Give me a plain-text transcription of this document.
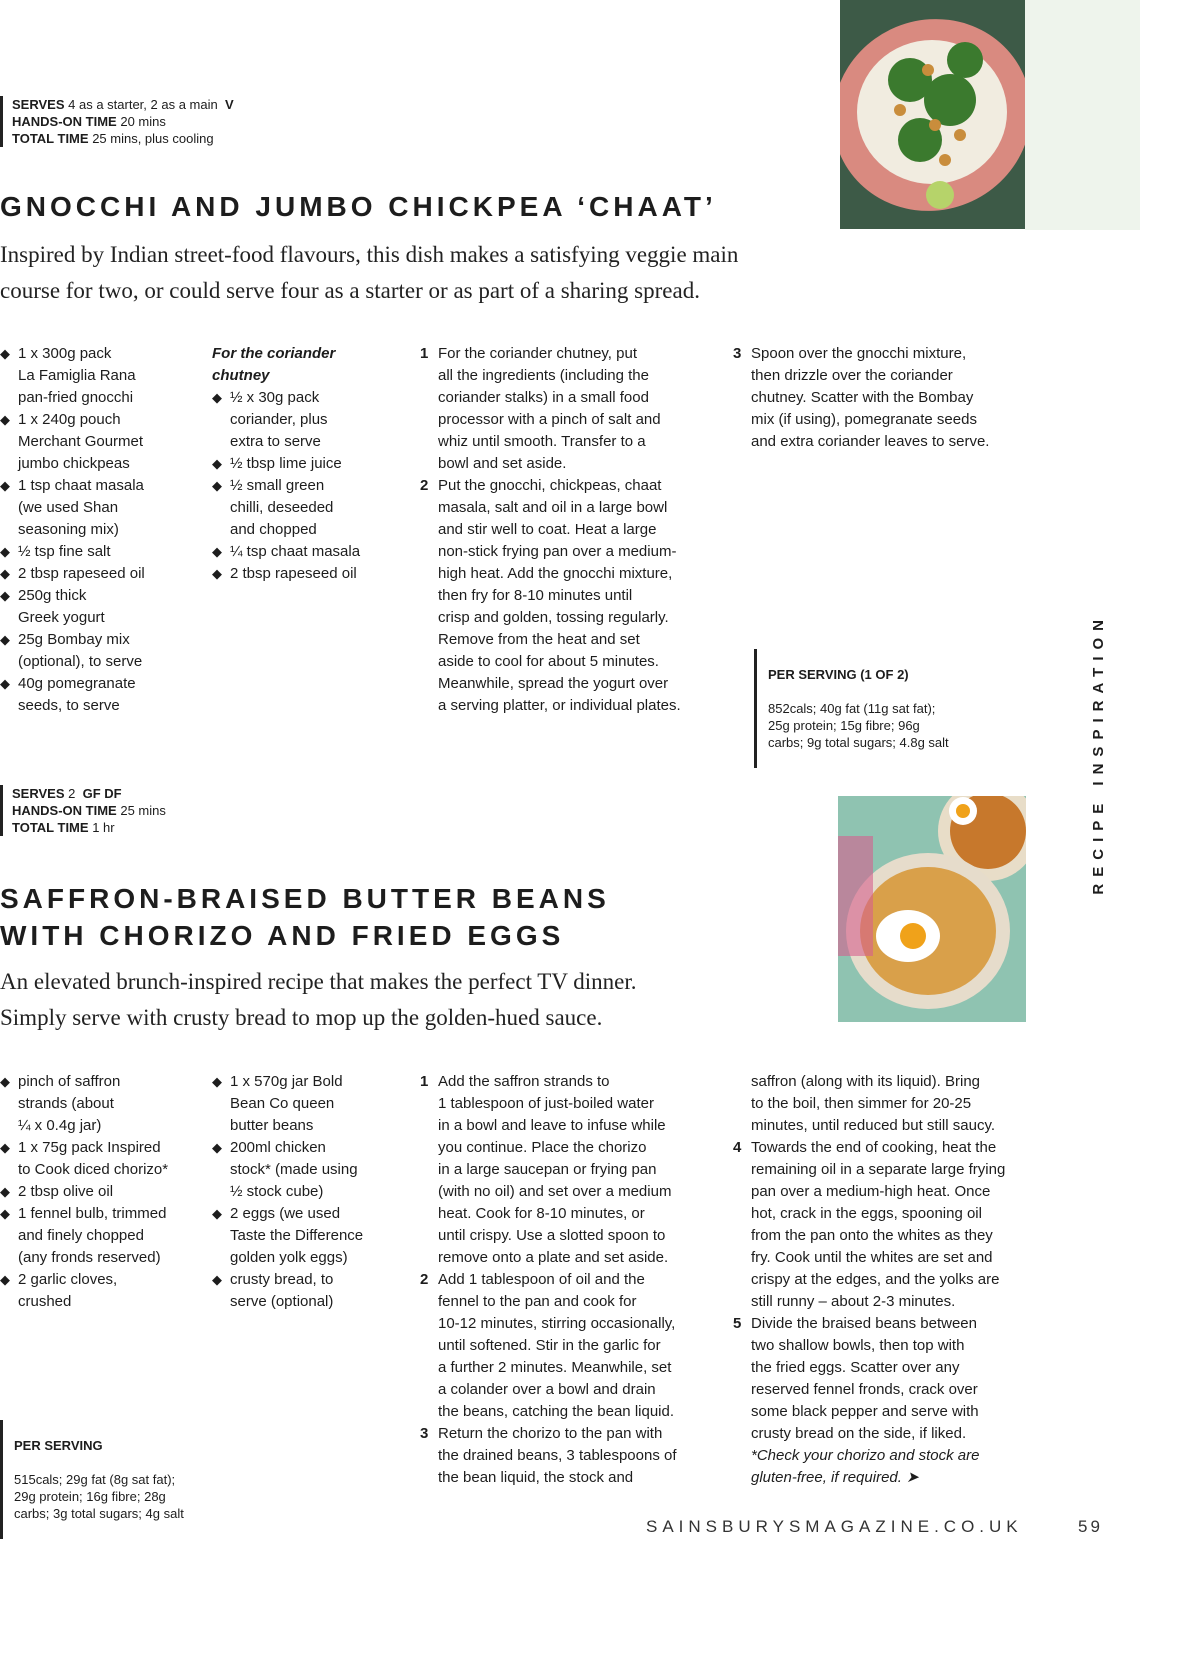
SERVES 4 as a starter, 2 as a main V
HANDS-ON TIME 20 mins
TOTAL TIME 25 mins, plus cooling
GNOCCHI AND JUMBO CHICKPEA ‘CHAAT’
Inspired by Indian street-food flavours, this dish makes a satisfying veggie main
course for two, or could serve four as a starter or as part of a sharing spread.
◆ 1 x 300g pack
La Famiglia Rana
pan-fried gnocchi
◆ 1 x 240g pouch
Merchant Gourmet
jumbo chickpeas
◆ 1 tsp chaat masala
(we used Shan
seasoning mix)
◆ ½ tsp fine salt
◆ 2 tbsp rapeseed oil
◆ 250g thick
Greek yogurt
◆ 25g Bombay mix
(optional), to serve
◆ 40g pomegranate
seeds, to serve
For the coriander
chutney
◆ ½ x 30g pack
coriander, plus
extra to serve
◆ ½ tbsp lime juice
◆ ½ small green
chilli, deseeded
and chopped
◆ ¼ tsp chaat masala
◆ 2 tbsp rapeseed oil
1 For the coriander chutney, put
all the ingredients (including the
coriander stalks) in a small food
processor with a pinch of salt and
whiz until smooth. Transfer to a
bowl and set aside.
2 Put the gnocchi, chickpeas, chaat
masala, salt and oil in a large bowl
and stir well to coat. Heat a large
non-stick frying pan over a medium-
high heat. Add the gnocchi mixture,
then fry for 8-10 minutes until
crisp and golden, tossing regularly.
Remove from the heat and set
aside to cool for about 5 minutes.
Meanwhile, spread the yogurt over
a serving platter, or individual plates.
3 Spoon over the gnocchi mixture,
then drizzle over the coriander
chutney. Scatter with the Bombay
mix (if using), pomegranate seeds
and extra coriander leaves to serve.

PER SERVING (1 OF 2)

852cals; 40g fat (11g sat fat);
25g protein; 15g fibre; 96g
carbs; 9g total sugars; 4.8g salt

SERVES 2 GF DF
HANDS-ON TIME 25 mins
TOTAL TIME 1 hr
SAFFRON-BRAISED BUTTER BEANS
WITH CHORIZO AND FRIED EGGS
An elevated brunch-inspired recipe that makes the perfect TV dinner.
Simply serve with crusty bread to mop up the golden-hued sauce.
◆ pinch of saffron
strands (about
¼ x 0.4g jar)
◆ 1 x 75g pack Inspired
to Cook diced chorizo*
◆ 2 tbsp olive oil
◆ 1 fennel bulb, trimmed
and finely chopped
(any fronds reserved)
◆ 2 garlic cloves,
crushed
◆ 1 x 570g jar Bold
Bean Co queen
butter beans
◆ 200ml chicken
stock* (made using
½ stock cube)
◆ 2 eggs (we used
Taste the Difference
golden yolk eggs)
◆ crusty bread, to
serve (optional)
1 Add the saffron strands to
1 tablespoon of just-boiled water
in a bowl and leave to infuse while
you continue. Place the chorizo
in a large saucepan or frying pan
(with no oil) and set over a medium
heat. Cook for 8-10 minutes, or
until crispy. Use a slotted spoon to
remove onto a plate and set aside.
2 Add 1 tablespoon of oil and the
fennel to the pan and cook for
10-12 minutes, stirring occasionally,
until softened. Stir in the garlic for
a further 2 minutes. Meanwhile, set
a colander over a bowl and drain
the beans, catching the bean liquid.
3 Return the chorizo to the pan with
the drained beans, 3 tablespoons of
the bean liquid, the stock and
saffron (along with its liquid). Bring
to the boil, then simmer for 20-25
minutes, until reduced but still saucy.
4 Towards the end of cooking, heat the
remaining oil in a separate large frying
pan over a medium-high heat. Once
hot, crack in the eggs, spooning oil
from the pan onto the whites as they
fry. Cook until the whites are set and
crispy at the edges, and the yolks are
still runny – about 2-3 minutes.
5 Divide the braised beans between
two shallow bowls, then top with
the fried eggs. Scatter over any
reserved fennel fronds, crack over
some black pepper and serve with
crusty bread on the side, if liked.
*Check your chorizo and stock are
gluten-free, if required. ➤

PER SERVING

515cals; 29g fat (8g sat fat);
29g protein; 16g fibre; 28g
carbs; 3g total sugars; 4g salt

RECIPE INSPIRATION
SAINSBURYSMAGAZINE.CO.UK	59
